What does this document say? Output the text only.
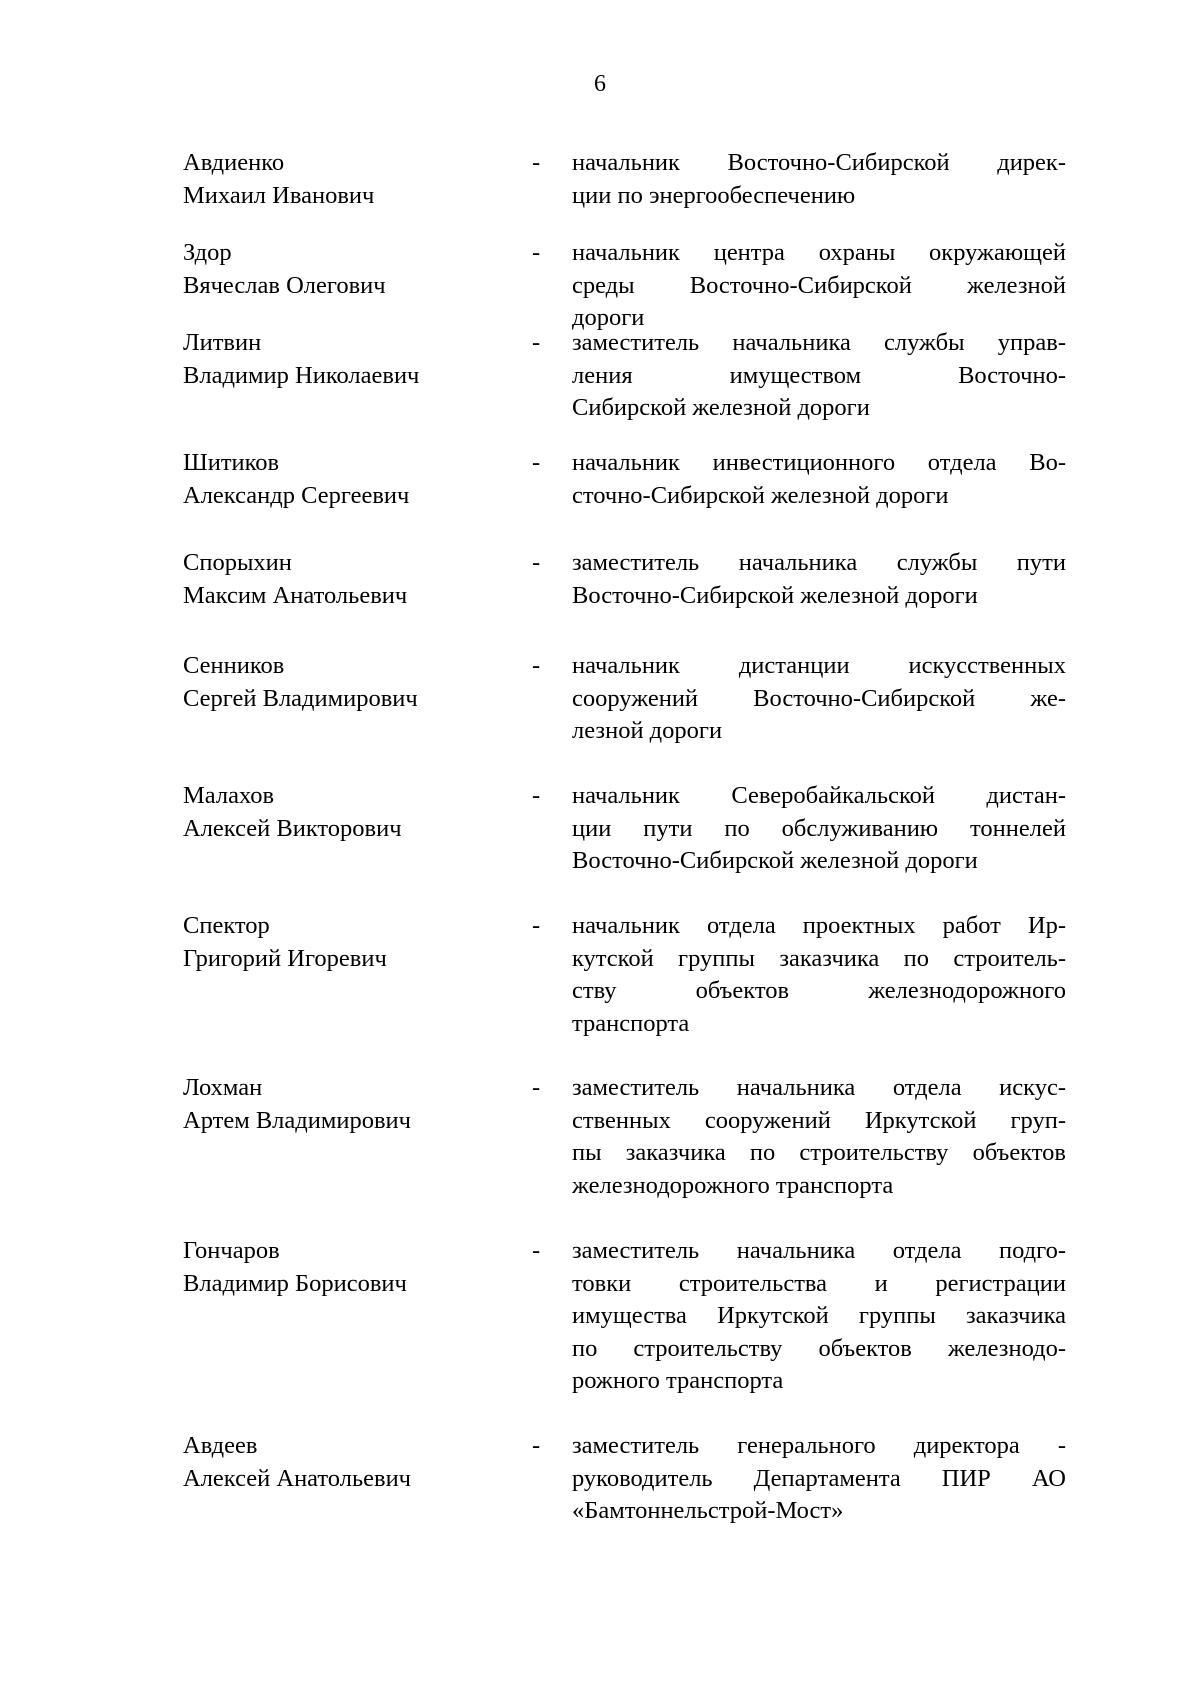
6
Авдиенко
Михаил Иванович
- начальник Восточно-Сибирской дирек-
ции по энергообеспечению
Здор
Вячеслав Олегович
- начальник центра охраны окружающей
среды Восточно-Сибирской железной
дороги
Литвин
Владимир Николаевич
- заместитель начальника службы управ-
ления имуществом Восточно-
Сибирской железной дороги
Шитиков
Александр Сергеевич
- начальник инвестиционного отдела Во-
сточно-Сибирской железной дороги
Спорыхин
Максим Анатольевич
- заместитель начальника службы пути
Восточно-Сибирской железной дороги
Сенников
Сергей Владимирович
- начальник дистанции искусственных
сооружений Восточно-Сибирской же-
лезной дороги
Малахов
Алексей Викторович
- начальник Северобайкальской дистан-
ции пути по обслуживанию тоннелей
Восточно-Сибирской железной дороги
Спектор
Григорий Игоревич
- начальник отдела проектных работ Ир-
кутской группы заказчика по строитель-
ству объектов железнодорожного
транспорта
Лохман
Артем Владимирович
- заместитель начальника отдела искус-
ственных сооружений Иркутской груп-
пы заказчика по строительству объектов
железнодорожного транспорта
Гончаров
Владимир Борисович
- заместитель начальника отдела подго-
товки строительства и регистрации
имущества Иркутской группы заказчика
по строительству объектов железнодо-
рожного транспорта
Авдеев
Алексей Анатольевич
- заместитель генерального директора -
руководитель Департамента ПИР АО
«Бамтоннельстрой-Мост»
